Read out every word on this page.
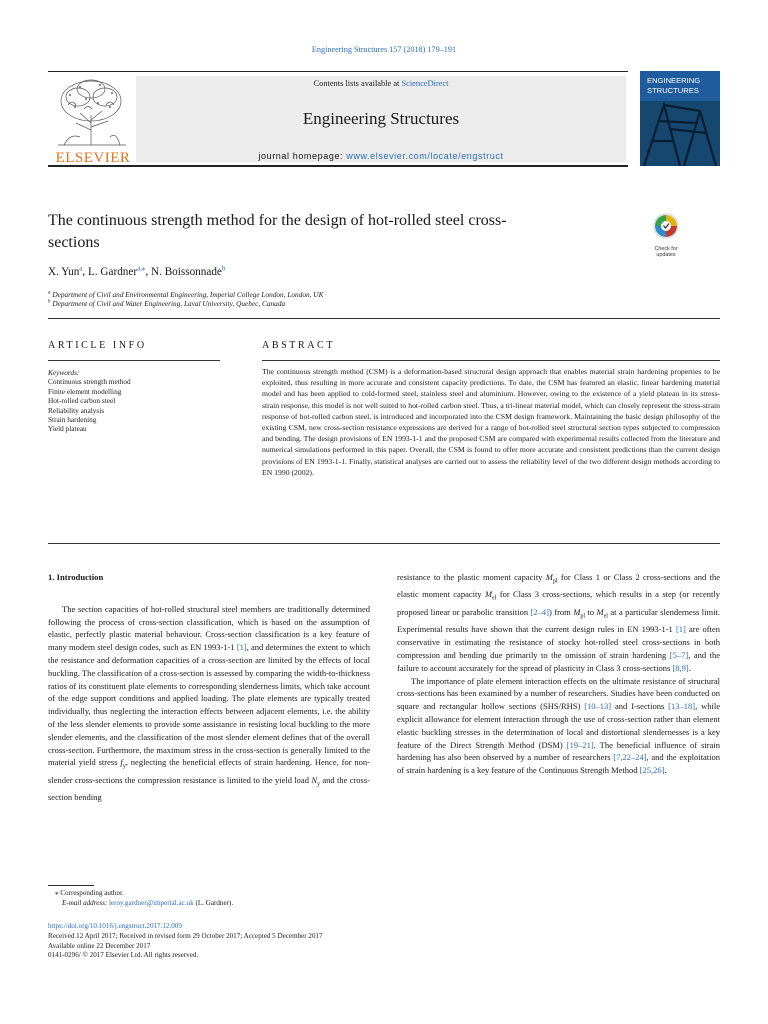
Engineering Structures 157 (2018) 179–191
ELSEVIER
Contents lists available at ScienceDirect
Engineering Structures
journal homepage: www.elsevier.com/locate/engstruct
ENGINEERING
STRUCTURES
The continuous strength method for the design of hot-rolled steel cross-
sections	Check for
updates
X. Yun$^a$, L. Gardner$^{a,⁎}$, N. Boissonnade$^b$
$^a$ Department of Civil and Environmental Engineering, Imperial College London, London, UK
$^b$ Department of Civil and Water Engineering, Laval University, Quebec, Canada
ARTICLE INFO
Keywords:
Continuous strength method
Finite element modelling
Hot-rolled carbon steel
Reliability analysis
Strain hardening
Yield plateau
ABSTRACT
The continuous strength method (CSM) is a deformation-based structural design approach that enables material strain hardening properties to be exploited, thus resulting in more accurate and consistent capacity predictions. To date, the CSM has featured an elastic, linear hardening material model and has been applied to cold-formed steel, stainless steel and aluminium. However, owing to the existence of a yield plateau in its stress-strain response, this model is not well suited to hot-rolled carbon steel. Thus, a tri-linear material model, which can closely represent the stress-strain response of hot-rolled carbon steel, is introduced and incorporated into the CSM design framework. Maintaining the basic design philosophy of the existing CSM, new cross-section resistance expressions are derived for a range of hot-rolled steel structural section types subjected to compression and bending. The design provisions of EN 1993-1-1 and the proposed CSM are compared with experimental results collected from the literature and numerical simulations performed in this paper. Overall, the CSM is found to offer more accurate and consistent predictions than the current design provisions of EN 1993-1-1. Finally, statistical analyses are carried out to assess the reliability level of the two different design methods according to EN 1990 (2002).
1. Introduction

The section capacities of hot-rolled structural steel members are traditionally determined following the process of cross-section classification, which is based on the assumption of elastic, perfectly plastic material behaviour. Cross-section classification is a key feature of many modern steel design codes, such as EN 1993-1-1 [1], and determines the extent to which the resistance and deformation capacities of a cross-section are limited by the effects of local buckling. The classification of a cross-section is assessed by comparing the width-to-thickness ratios of its constituent plate elements to corresponding slenderness limits, which take account of the edge support conditions and applied loading. The plate elements are typically treated individually, thus neglecting the interaction effects between adjacent elements, i.e. the ability of the less slender elements to provide some assistance in resisting local buckling to the more slender elements, and the classification of the most slender element defines that of the overall cross-section. Furthermore, the maximum stress in the cross-section is generally limited to the material yield stress $f_y$, neglecting the beneficial effects of strain hardening. Hence, for non-slender cross-sections the compression resistance is limited to the yield load $N_y$ and the cross-section bending

resistance to the plastic moment capacity $M_{pl}$ for Class 1 or Class 2 cross-sections and the elastic moment capacity $M_{el}$ for Class 3 cross-sections, which results in a step (or recently proposed linear or parabolic transition [2–4]) from $M_{pl}$ to $M_{el}$ at a particular slenderness limit. Experimental results have shown that the current design rules in EN 1993-1-1 [1] are often conservative in estimating the resistance of stocky hot-rolled steel cross-sections in both compression and bending due primarily to the omission of strain hardening [5–7], and the failure to account accurately for the spread of plasticity in Class 3 cross-sections [8,9].

The importance of plate element interaction effects on the ultimate resistance of structural cross-sections has been examined by a number of researchers. Studies have been conducted on square and rectangular hollow sections (SHS/RHS) [10–13] and I-sections [13–18], while explicit allowance for element interaction through the use of cross-section rather than element elastic buckling stresses in the determination of local and distortional slendernesses is a key feature of the Direct Strength Method (DSM) [19–21]. The beneficial influence of strain hardening has also been observed by a number of researchers [7,22–24], and the exploitation of strain hardening is a key feature of the Continuous Strength Method [25,26].

⁎ Corresponding author.
E-mail address: leroy.gardner@imperial.ac.uk (L. Gardner).
https://doi.org/10.1016/j.engstruct.2017.12.009
Received 12 April 2017; Received in revised form 29 October 2017; Accepted 5 December 2017
Available online 22 December 2017
0141-0296/ © 2017 Elsevier Ltd. All rights reserved.
